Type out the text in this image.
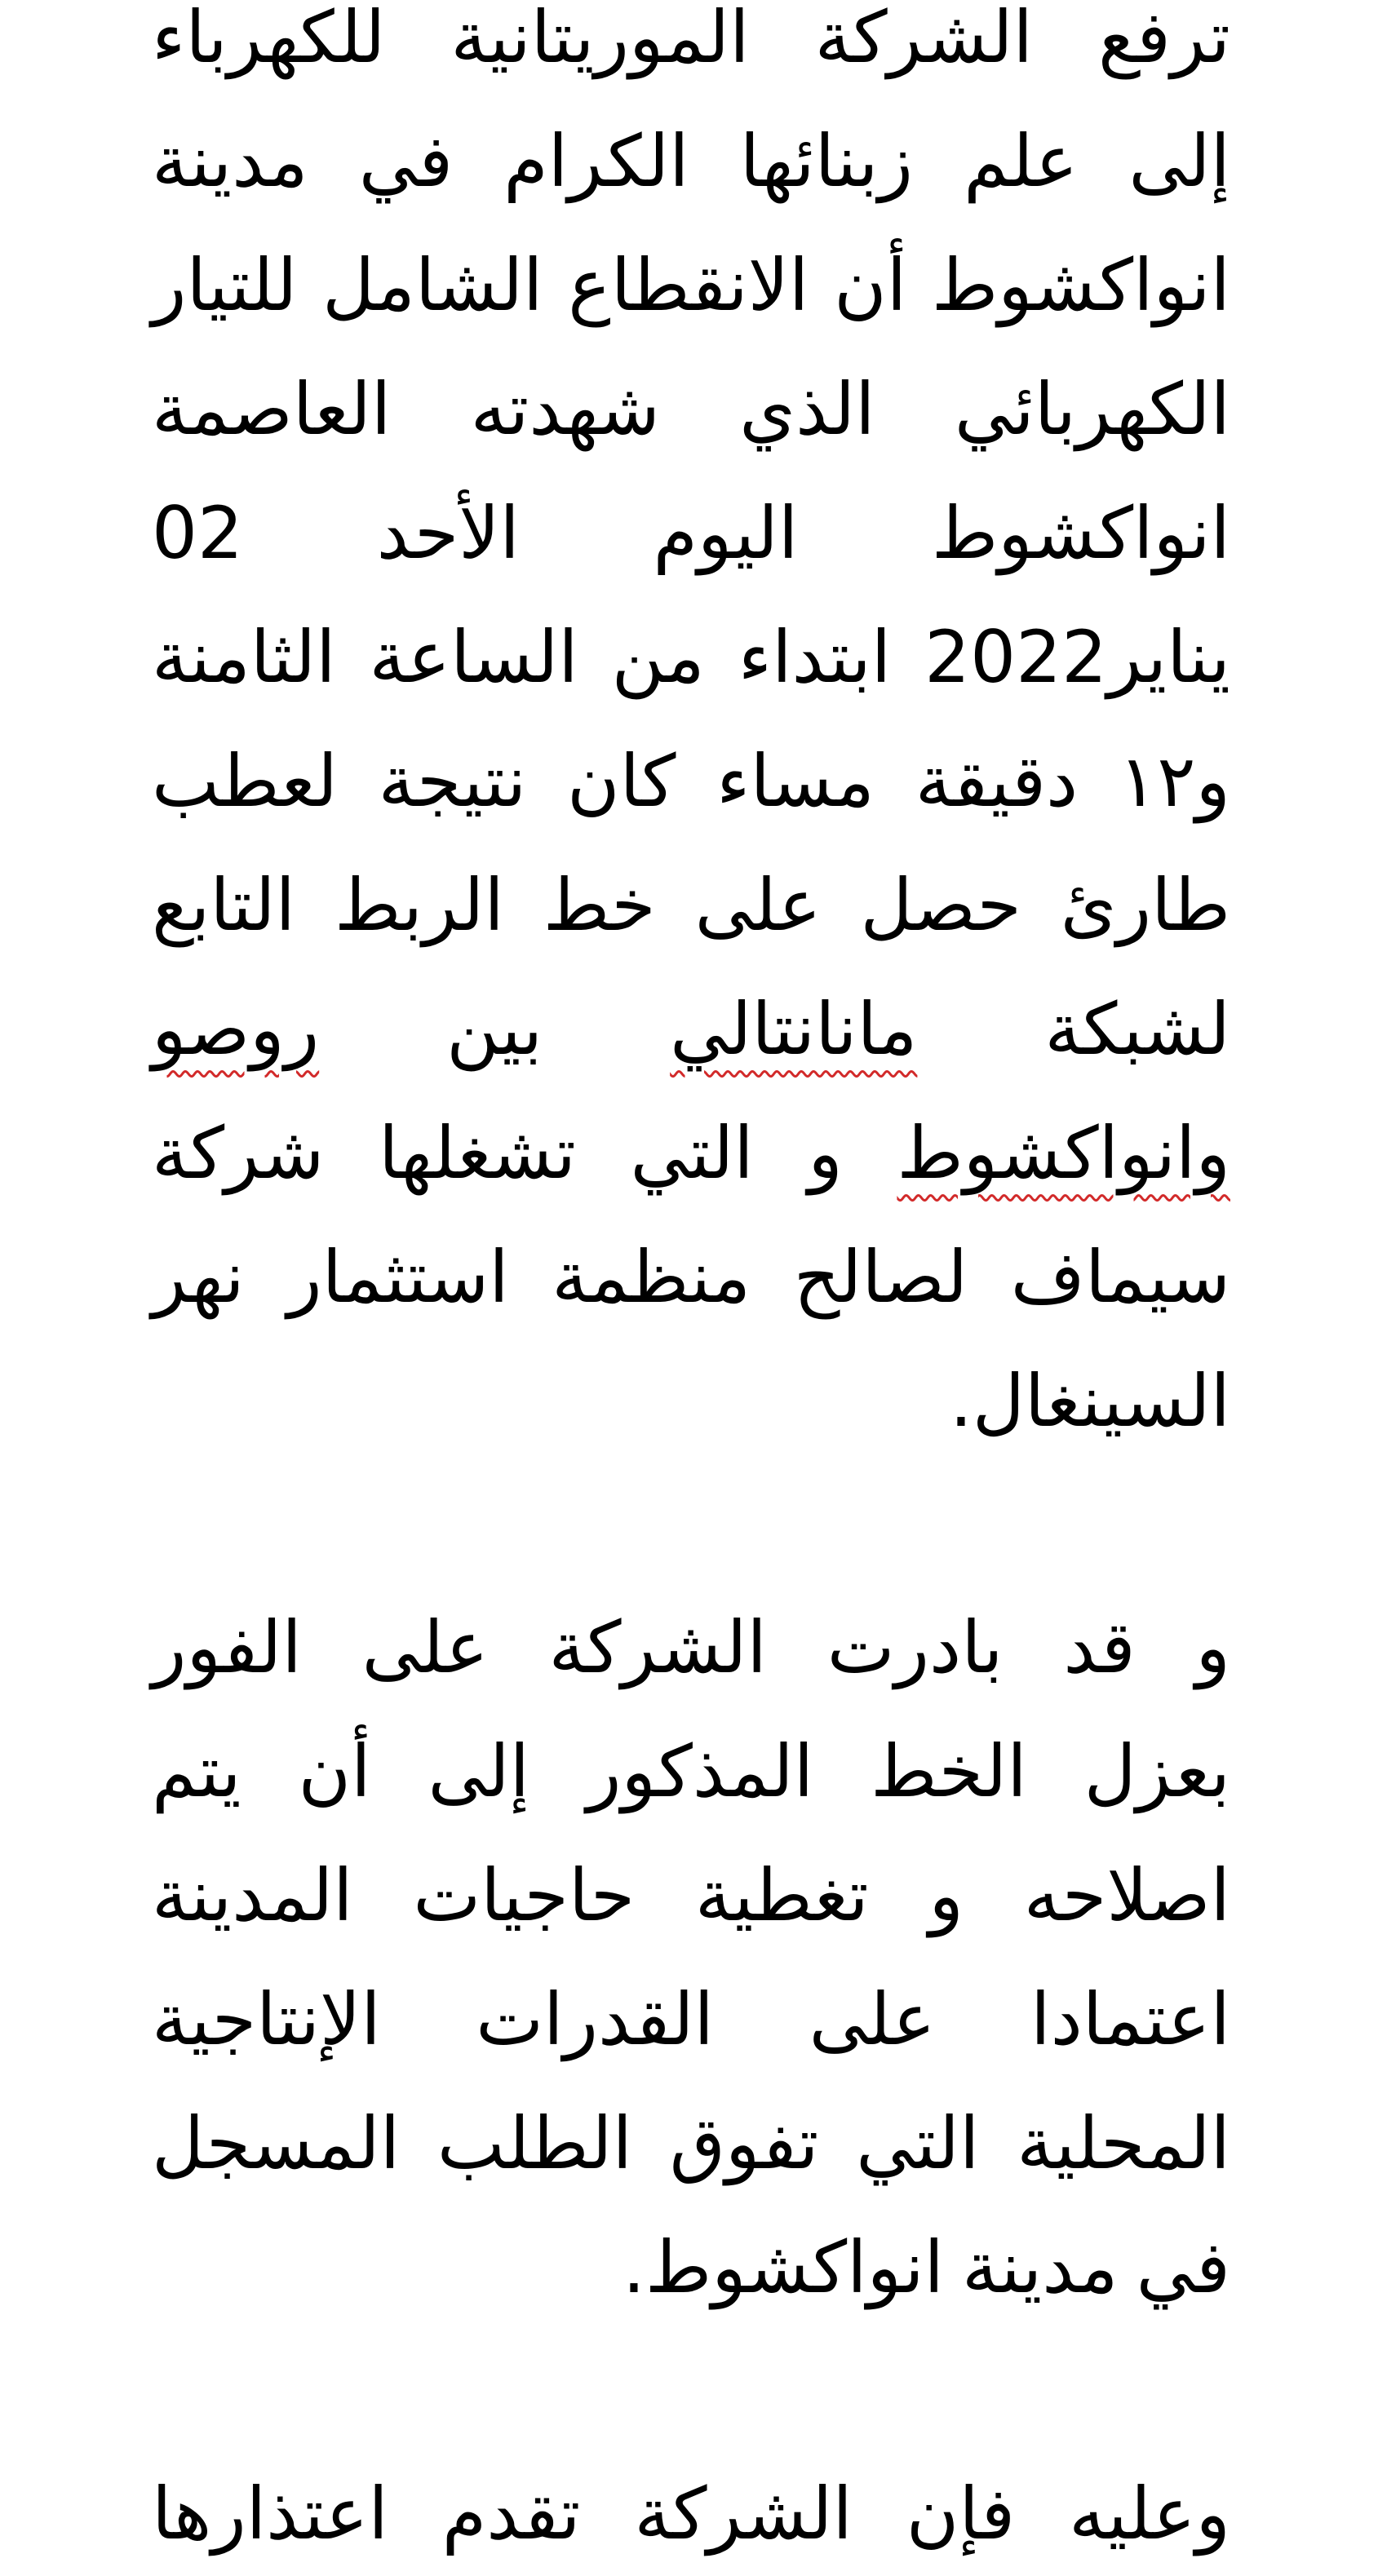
ترفع
الشركة
الموريتانية
للكهرباء
إلى
علم
زبنائها
الكرام
في
مدينة
انواكشوط
أن
الانقطاع
الشامل
للتيار
الكهربائي
الذي
شهدته
العاصمة
انواكشوط
اليوم
الأحد
02
يناير2022
ابتداء
من
الساعة
الثامنة
و١٢
دقيقة
مساء
كان
نتيجة
لعطب
طارئ
حصل
على
خط
الربط
التابع
لشبكة
مانانتالي
بين
روصو
وانواكشوط
و
التي
تشغلها
شركة
سيماف
لصالح
منظمة
استثمار
نهر
السينغال.
و
قد
بادرت
الشركة
على
الفور
بعزل
الخط
المذكور
إلى
أن
يتم
اصلاحه
و
تغطية
حاجيات
المدينة
اعتمادا
على
القدرات
الإنتاجية
المحلية
التي
تفوق
الطلب
المسجل
في
مدينة
انواكشوط.
وعليه
فإن
الشركة
تقدم
اعتذارها
